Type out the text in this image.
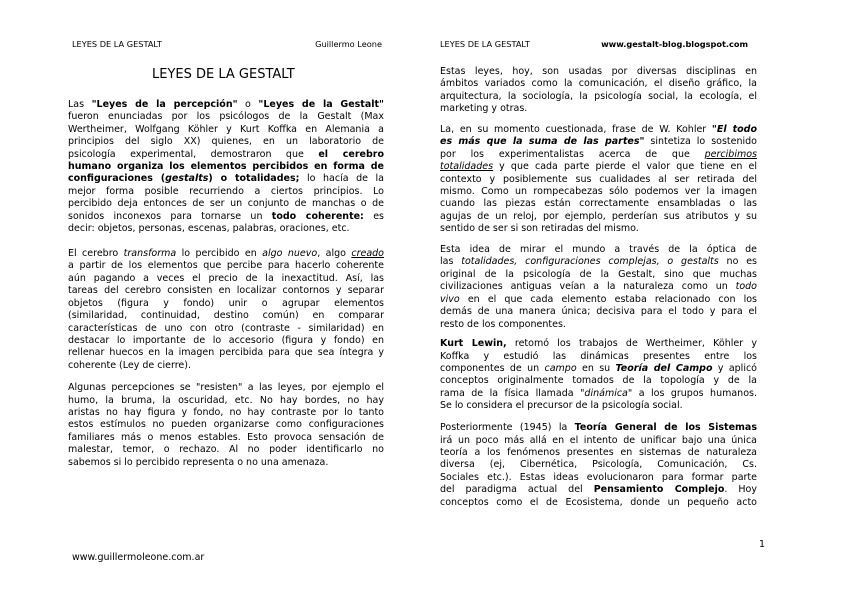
LEYES DE LA GESTALT	Guillermo Leone	LEYES DE LA GESTALT	www.gestalt-blog.blogspot.com
LEYES DE LA GESTALT
Las "Leyes de la percepción" o "Leyes de la Gestalt"
fueron enunciadas por los psicólogos de la Gestalt (Max
Wertheimer, Wolfgang Köhler y Kurt Koffka en Alemania a
principios del siglo XX) quienes, en un laboratorio de
psicología experimental, demostraron que el cerebro
humano organiza los elementos percibidos en forma de
configuraciones (gestalts) o totalidades; lo hacía de la
mejor forma posible recurriendo a ciertos principios. Lo
percibido deja entonces de ser un conjunto de manchas o de
sonidos inconexos para tornarse un todo coherente: es
decir: objetos, personas, escenas, palabras, oraciones, etc.
El cerebro transforma lo percibido en algo nuevo, algo creado
a partir de los elementos que percibe para hacerlo coherente
aún pagando a veces el precio de la inexactitud. Así, las
tareas del cerebro consisten en localizar contornos y separar
objetos (figura y fondo) unir o agrupar elementos
(similaridad, continuidad, destino común) en comparar
características de uno con otro (contraste - similaridad) en
destacar lo importante de lo accesorio (figura y fondo) en
rellenar huecos en la imagen percibida para que sea íntegra y
coherente (Ley de cierre).
Algunas percepciones se "resisten" a las leyes, por ejemplo el
humo, la bruma, la oscuridad, etc. No hay bordes, no hay
aristas no hay figura y fondo, no hay contraste por lo tanto
estos estímulos no pueden organizarse como configuraciones
familiares más o menos estables. Esto provoca sensación de
malestar, temor, o rechazo. Al no poder identificarlo no
sabemos si lo percibido representa o no una amenaza.
Estas leyes, hoy, son usadas por diversas disciplinas en
ámbitos variados como la comunicación, el diseño gráfico, la
arquitectura, la sociología, la psicología social, la ecología, el
marketing y otras.
La, en su momento cuestionada, frase de W. Kohler "El todo
es más que la suma de las partes" sintetiza lo sostenido
por los experimentalistas acerca de que percibimos
totalidades y que cada parte pierde el valor que tiene en el
contexto y posiblemente sus cualidades al ser retirada del
mismo. Como un rompecabezas sólo podemos ver la imagen
cuando las piezas están correctamente ensambladas o las
agujas de un reloj, por ejemplo, perderían sus atributos y su
sentido de ser si son retiradas del mismo.
Esta idea de mirar el mundo a través de la óptica de
las totalidades, configuraciones complejas, o gestalts no es
original de la psicología de la Gestalt, sino que muchas
civilizaciones antiguas veían a la naturaleza como un todo
vivo en el que cada elemento estaba relacionado con los
demás de una manera única; decisiva para el todo y para el
resto de los componentes.
Kurt Lewin, retomó los trabajos de Wertheimer, Köhler y
Koffka y estudió las dinámicas presentes entre los
componentes de un campo en su Teoría del Campo y aplicó
conceptos originalmente tomados de la topología y de la
rama de la física llamada "dinámica" a los grupos humanos.
Se lo considera el precursor de la psicología social.
Posteriormente (1945) la Teoría General de los Sistemas
irá un poco más allá en el intento de unificar bajo una única
teoría a los fenómenos presentes en sistemas de naturaleza
diversa (ej, Cibernética, Psicología, Comunicación, Cs.
Sociales etc.). Estas ideas evolucionaron para formar parte
del paradigma actual del Pensamiento Complejo. Hoy
conceptos como el de Ecosistema, donde un pequeño acto
www.guillermoleone.com.ar
1
